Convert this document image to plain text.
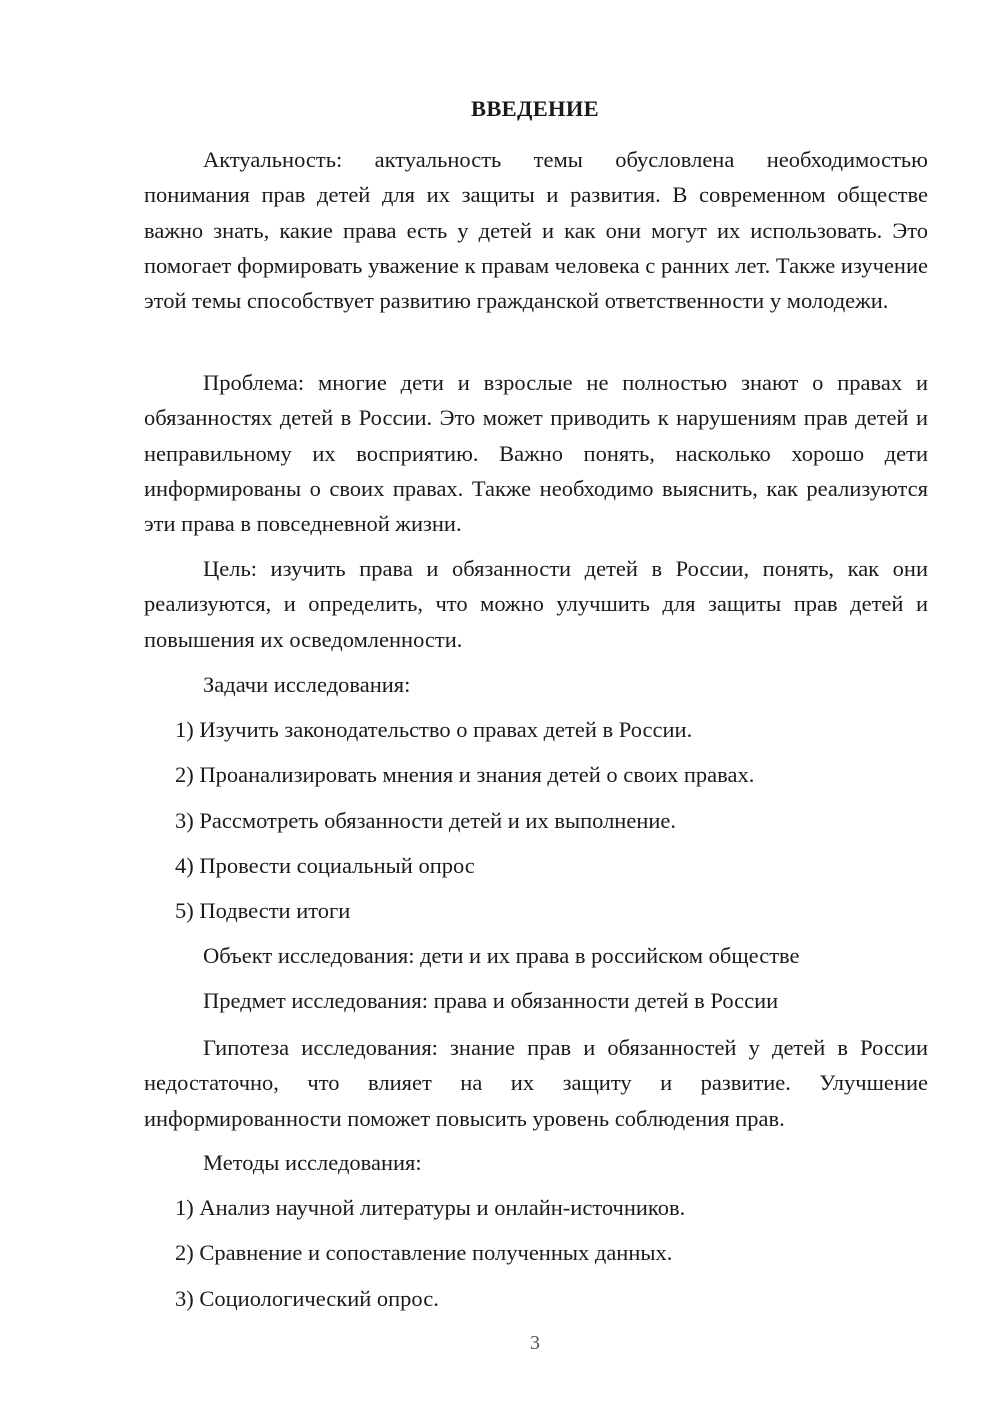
ВВЕДЕНИЕ
Актуальность: актуальность темы обусловлена необходимостью понимания прав детей для их защиты и развития. В современном обществе важно знать, какие права есть у детей и как они могут их использовать. Это помогает формировать уважение к правам человека с ранних лет. Также изучение этой темы способствует развитию гражданской ответственности у молодежи.
Проблема: многие дети и взрослые не полностью знают о правах и обязанностях детей в России. Это может приводить к нарушениям прав детей и неправильному их восприятию. Важно понять, насколько хорошо дети информированы о своих правах. Также необходимо выяснить, как реализуются эти права в повседневной жизни.
Цель: изучить права и обязанности детей в России, понять, как они реализуются, и определить, что можно улучшить для защиты прав детей и повышения их осведомленности.
Задачи исследования:
1) Изучить законодательство о правах детей в России.
2) Проанализировать мнения и знания детей о своих правах.
3) Рассмотреть обязанности детей и их выполнение.
4) Провести социальный опрос
5) Подвести итоги
Объект исследования: дети и их права в российском обществе
Предмет исследования: права и обязанности детей в России
Гипотеза исследования: знание прав и обязанностей у детей в России недостаточно, что влияет на их защиту и развитие. Улучшение информированности поможет повысить уровень соблюдения прав.
Методы исследования:
1) Анализ научной литературы и онлайн-источников.
2) Сравнение и сопоставление полученных данных.
3) Социологический опрос.
3
